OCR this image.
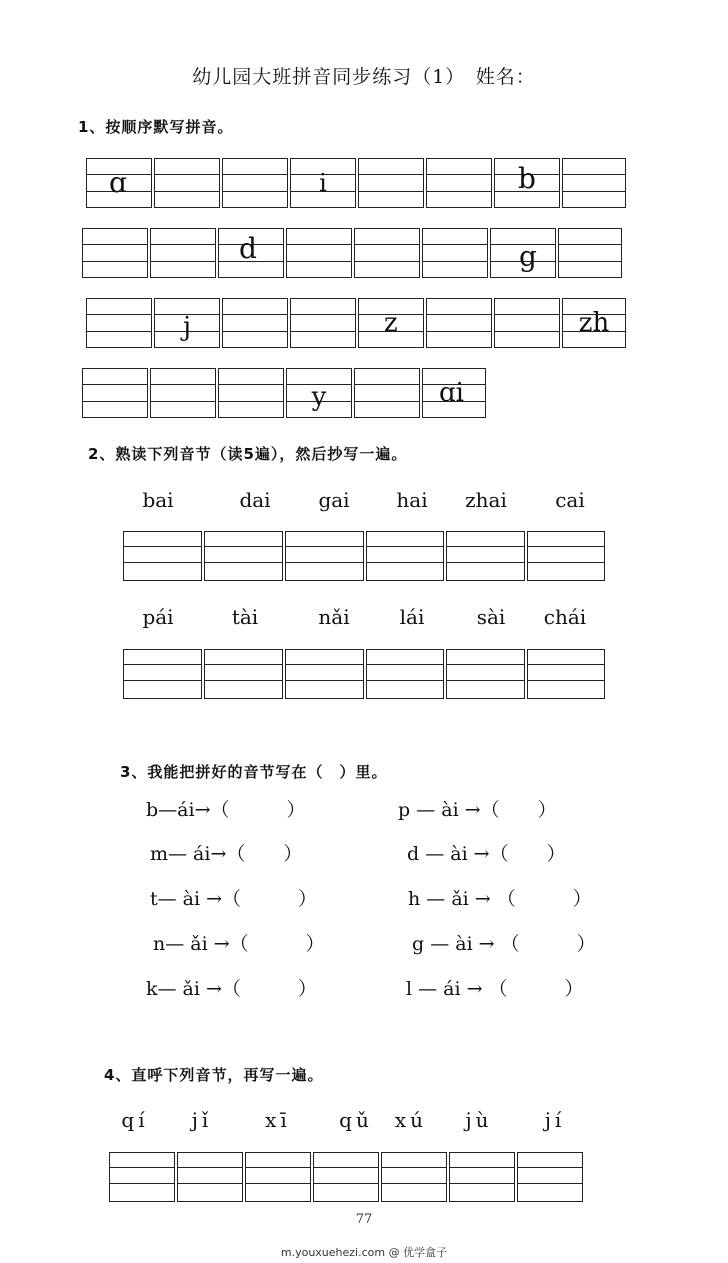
幼儿园大班拼音同步练习（1）　姓名：
1、按顺序默写拼音。
ɑ	i	b
d	g
j	z	zh
y	ɑi
2、熟读下列音节（读5遍），然后抄写一遍。
bai	dai	gai	hai	zhai	cai
pái	tài	nǎi	lái	sài	chái
3、我能把拼好的音节写在（　）里。
b—ái→（　　　）
m— ái→（　　）
t— ài →（　　　）
n— ǎi →（　　　）
k— ǎi →（　　　）
p — ài →（　　）
d — ài →（　　）
h — ǎi → （　　　）
g — ài → （　　　）
l — ái → （　　　）
4、直呼下列音节，再写一遍。
qí	jǐ	xī	qǔ	xú	jù	jí
77
m.youxuehezi.com @ 优学盒子
